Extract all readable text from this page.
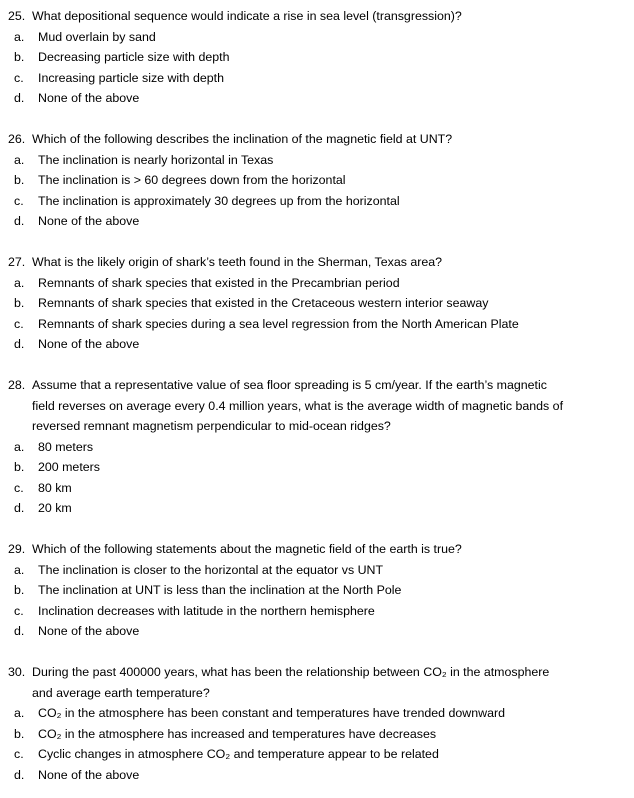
25. What depositional sequence would indicate a rise in sea level (transgression)?
a. Mud overlain by sand
b. Decreasing particle size with depth
c. Increasing particle size with depth
d. None of the above
26. Which of the following describes the inclination of the magnetic field at UNT?
a. The inclination is nearly horizontal in Texas
b. The inclination is > 60 degrees down from the horizontal
c. The inclination is approximately 30 degrees up from the horizontal
d. None of the above
27. What is the likely origin of shark’s teeth found in the Sherman, Texas area?
a. Remnants of shark species that existed in the Precambrian period
b. Remnants of shark species that existed in the Cretaceous western interior seaway
c. Remnants of shark species during a sea level regression from the North American Plate
d. None of the above
28. Assume that a representative value of sea floor spreading is 5 cm/year. If the earth’s magnetic
field reverses on average every 0.4 million years, what is the average width of magnetic bands of
reversed remnant magnetism perpendicular to mid-ocean ridges?
a. 80 meters
b. 200 meters
c. 80 km
d. 20 km
29. Which of the following statements about the magnetic field of the earth is true?
a. The inclination is closer to the horizontal at the equator vs UNT
b. The inclination at UNT is less than the inclination at the North Pole
c. Inclination decreases with latitude in the northern hemisphere
d. None of the above
30. During the past 400000 years, what has been the relationship between CO₂ in the atmosphere
and average earth temperature?
a. CO₂ in the atmosphere has been constant and temperatures have trended downward
b. CO₂ in the atmosphere has increased and temperatures have decreases
c. Cyclic changes in atmosphere CO₂ and temperature appear to be related
d. None of the above
